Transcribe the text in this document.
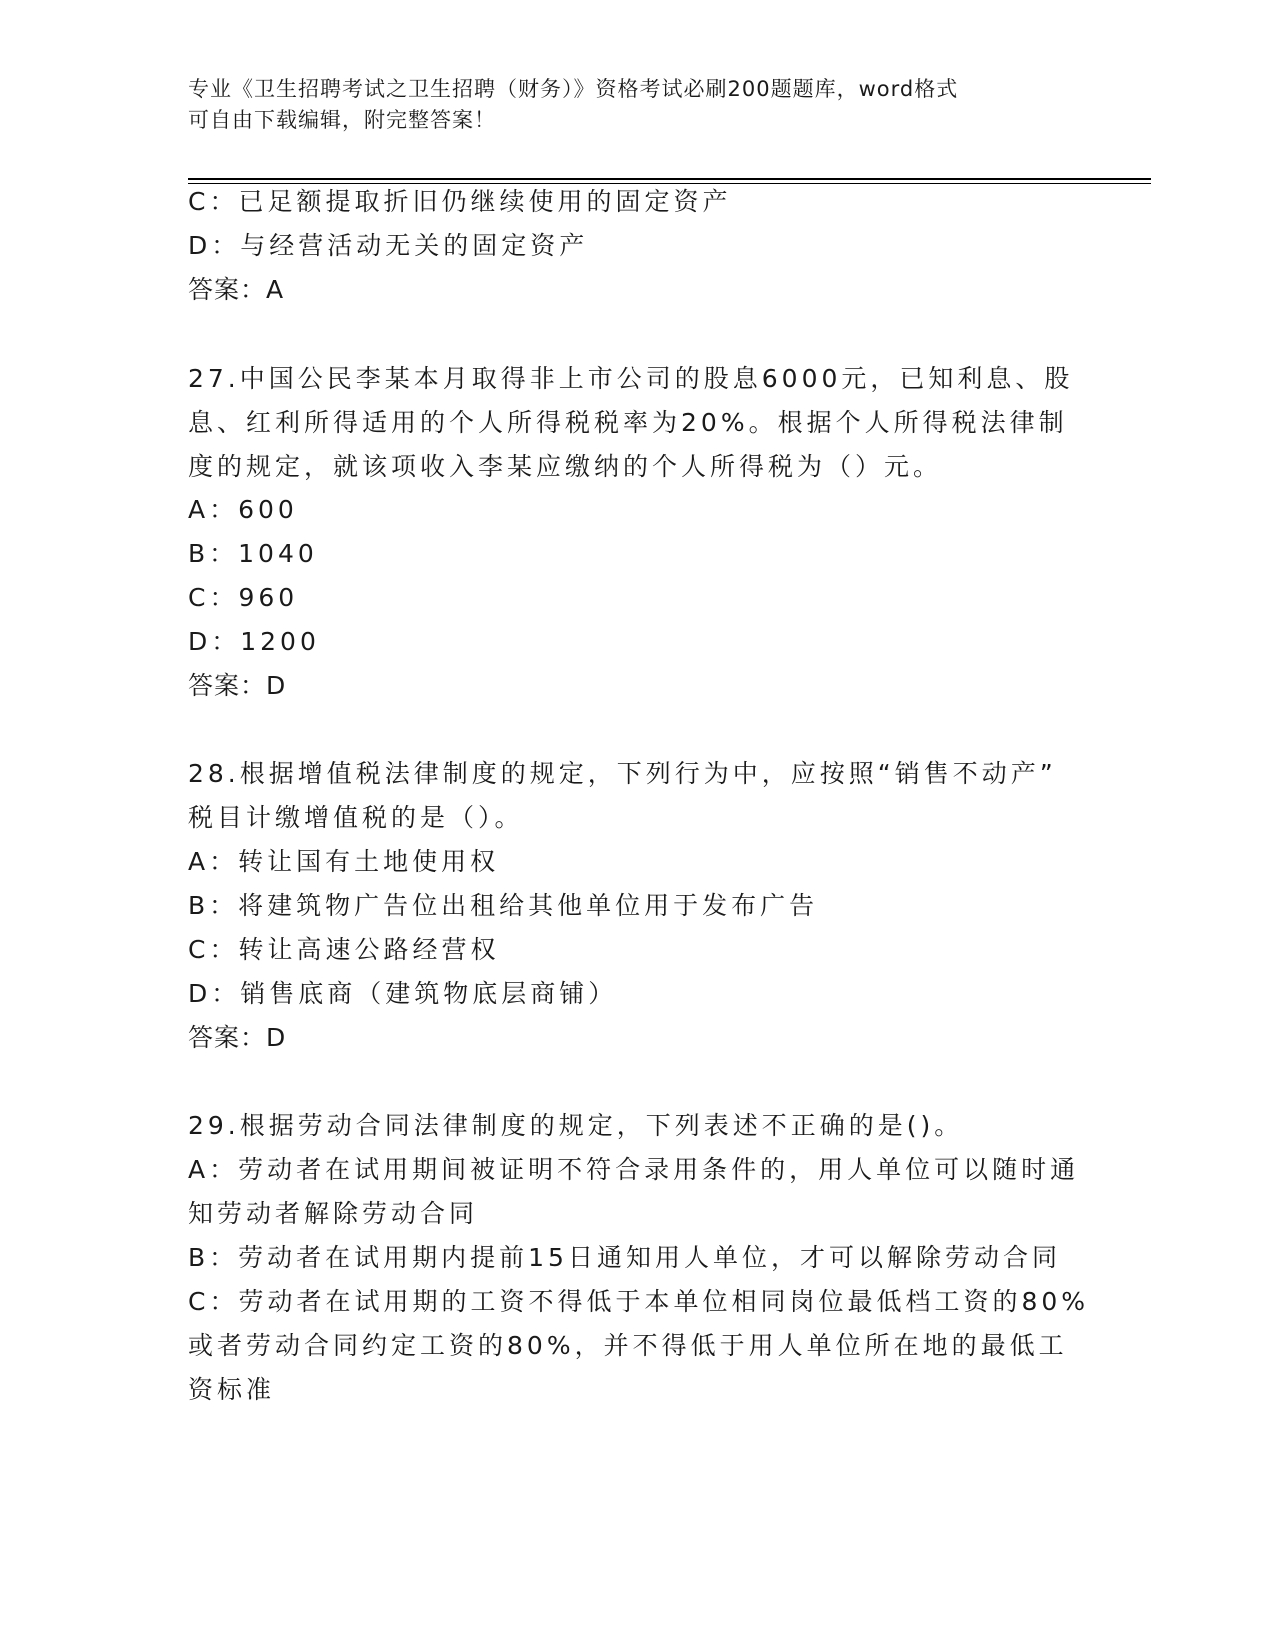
专业《卫生招聘考试之卫生招聘（财务）》资格考试必刷200题题库，word格式
可自由下载编辑，附完整答案！
C：已足额提取折旧仍继续使用的固定资产
D：与经营活动无关的固定资产
答案：A
27.中国公民李某本月取得非上市公司的股息6000元，已知利息、股
息、红利所得适用的个人所得税税率为20%。根据个人所得税法律制
度的规定，就该项收入李某应缴纳的个人所得税为（）元。
A：600
B：1040
C：960
D：1200
答案：D
28.根据增值税法律制度的规定，下列行为中，应按照“销售不动产”
税目计缴增值税的是（）。
A：转让国有土地使用权
B：将建筑物广告位出租给其他单位用于发布广告
C：转让高速公路经营权
D：销售底商（建筑物底层商铺）
答案：D
29.根据劳动合同法律制度的规定，下列表述不正确的是()。
A：劳动者在试用期间被证明不符合录用条件的，用人单位可以随时通
知劳动者解除劳动合同
B：劳动者在试用期内提前15日通知用人单位，才可以解除劳动合同
C：劳动者在试用期的工资不得低于本单位相同岗位最低档工资的80%
或者劳动合同约定工资的80%，并不得低于用人单位所在地的最低工
资标准
